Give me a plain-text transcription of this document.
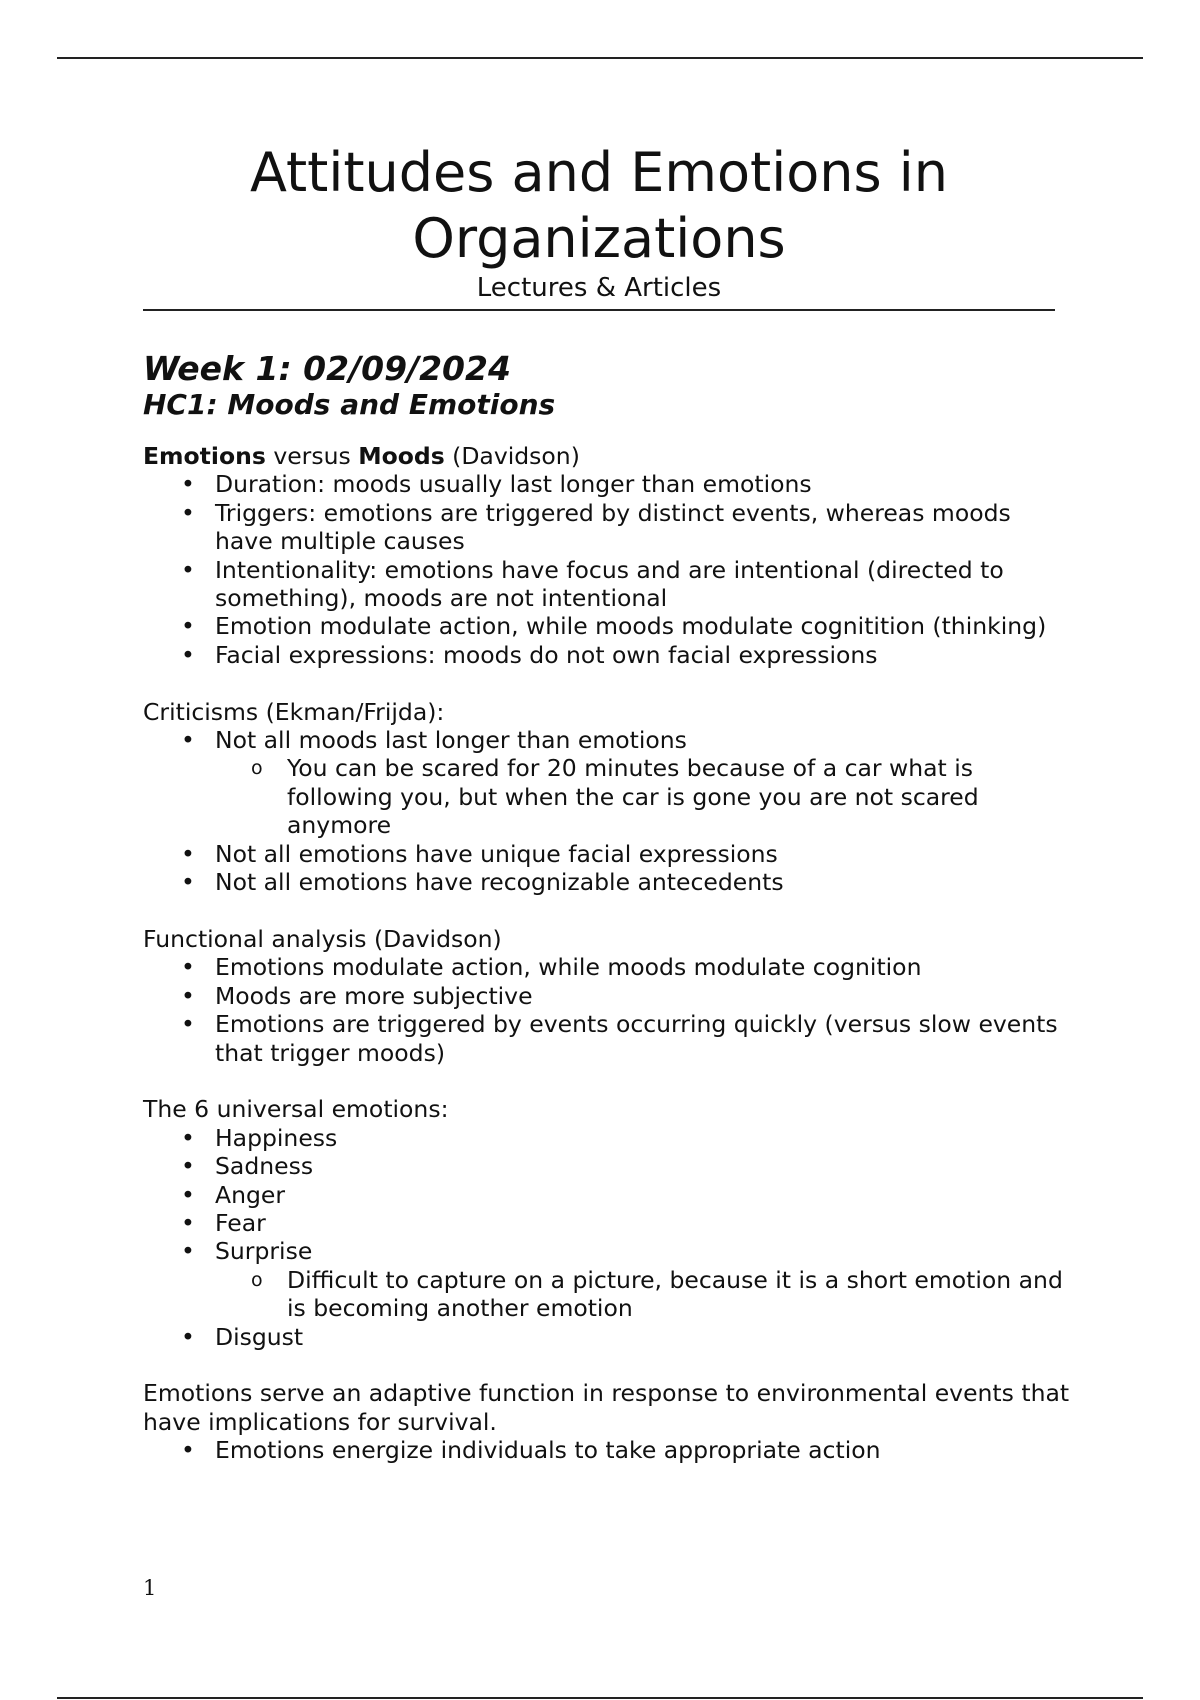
Attitudes and Emotions in
Organizations

Lectures & Articles

Week 1: 02/09/2024
HC1: Moods and Emotions

Emotions versus Moods (Davidson)

• Duration: moods usually last longer than emotions
• Triggers: emotions are triggered by distinct events, whereas moods have multiple causes
• Intentionality: emotions have focus and are intentional (directed to something), moods are not intentional
• Emotion modulate action, while moods modulate cognitition (thinking)
• Facial expressions: moods do not own facial expressions

Criticisms (Ekman/Frijda):

• Not all moods last longer than emotions
o You can be scared for 20 minutes because of a car what is following you, but when the car is gone you are not scared anymore
• Not all emotions have unique facial expressions
• Not all emotions have recognizable antecedents

Functional analysis (Davidson)

• Emotions modulate action, while moods modulate cognition
• Moods are more subjective
• Emotions are triggered by events occurring quickly (versus slow events that trigger moods)

The 6 universal emotions:

• Happiness
• Sadness
• Anger
• Fear
• Surprise
o Difficult to capture on a picture, because it is a short emotion and is becoming another emotion
• Disgust

Emotions serve an adaptive function in response to environmental events that have implications for survival.

• Emotions energize individuals to take appropriate action
1
